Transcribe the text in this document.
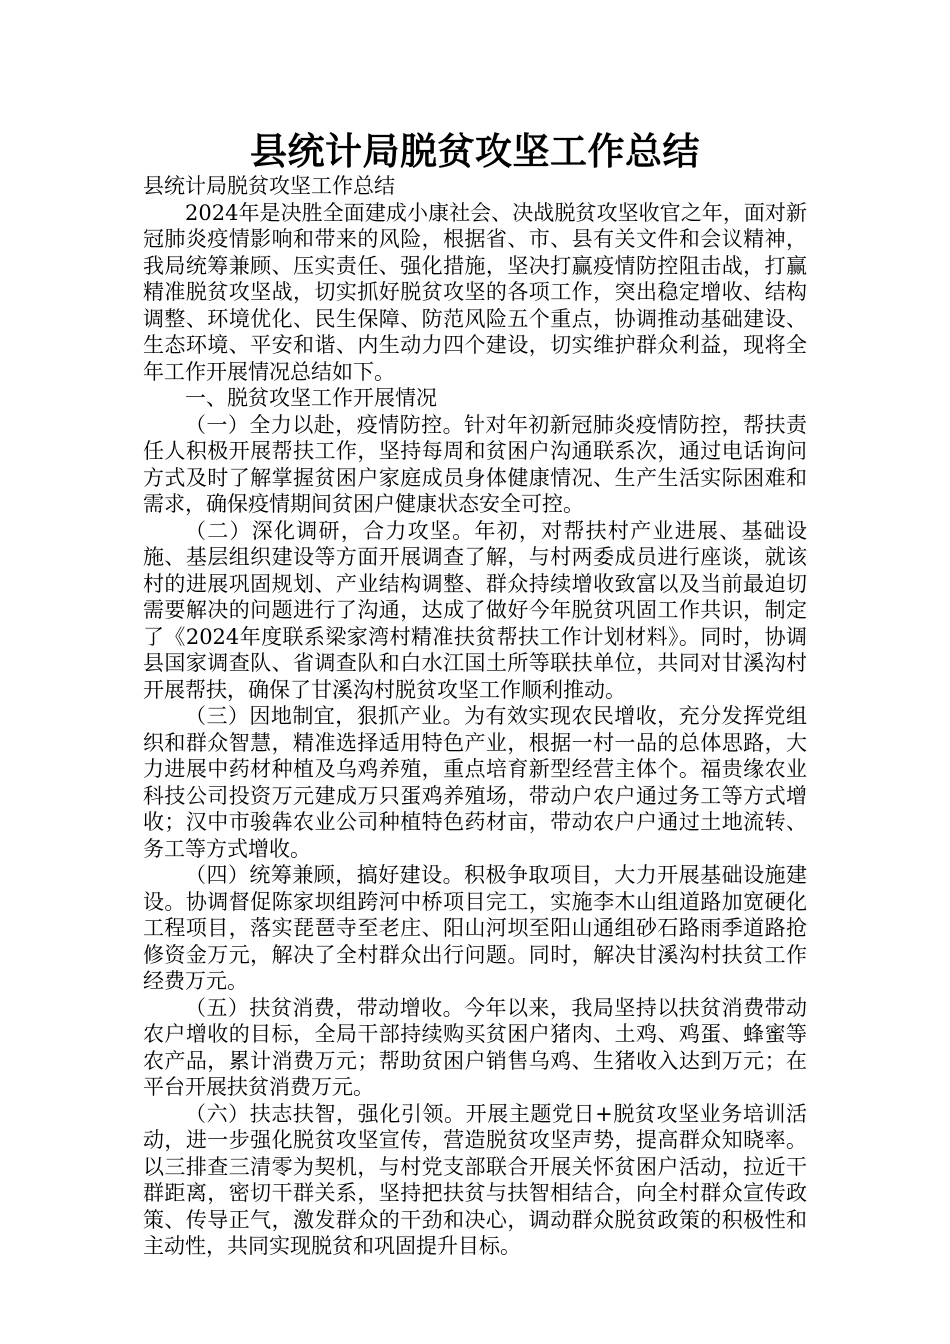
县统计局脱贫攻坚工作总结

县统计局脱贫攻坚工作总结

2024年是决胜全面建成小康社会、决战脱贫攻坚收官之年，面对新冠肺炎疫情影响和带来的风险，根据省、市、县有关文件和会议精神，我局统筹兼顾、压实责任、强化措施，坚决打赢疫情防控阻击战，打赢精准脱贫攻坚战，切实抓好脱贫攻坚的各项工作，突出稳定增收、结构调整、环境优化、民生保障、防范风险五个重点，协调推动基础建设、生态环境、平安和谐、内生动力四个建设，切实维护群众利益，现将全年工作开展情况总结如下。

一、脱贫攻坚工作开展情况

（一）全力以赴，疫情防控。针对年初新冠肺炎疫情防控，帮扶责任人积极开展帮扶工作，坚持每周和贫困户沟通联系次，通过电话询问方式及时了解掌握贫困户家庭成员身体健康情况、生产生活实际困难和需求，确保疫情期间贫困户健康状态安全可控。

（二）深化调研，合力攻坚。年初，对帮扶村产业进展、基础设施、基层组织建设等方面开展调查了解，与村两委成员进行座谈，就该村的进展巩固规划、产业结构调整、群众持续增收致富以及当前最迫切需要解决的问题进行了沟通，达成了做好今年脱贫巩固工作共识，制定了《2024年度联系梁家湾村精准扶贫帮扶工作计划材料》。同时，协调县国家调查队、省调查队和白水江国土所等联扶单位，共同对甘溪沟村开展帮扶，确保了甘溪沟村脱贫攻坚工作顺利推动。

（三）因地制宜，狠抓产业。为有效实现农民增收，充分发挥党组织和群众智慧，精准选择适用特色产业，根据一村一品的总体思路，大力进展中药材种植及乌鸡养殖，重点培育新型经营主体个。福贵缘农业科技公司投资万元建成万只蛋鸡养殖场，带动户农户通过务工等方式增收；汉中市骏犇农业公司种植特色药材亩，带动农户户通过土地流转、务工等方式增收。

（四）统筹兼顾，搞好建设。积极争取项目，大力开展基础设施建设。协调督促陈家坝组跨河中桥项目完工，实施李木山组道路加宽硬化工程项目，落实琵琶寺至老庄、阳山河坝至阳山通组砂石路雨季道路抢修资金万元，解决了全村群众出行问题。同时，解决甘溪沟村扶贫工作经费万元。

（五）扶贫消费，带动增收。今年以来，我局坚持以扶贫消费带动农户增收的目标，全局干部持续购买贫困户猪肉、土鸡、鸡蛋、蜂蜜等农产品，累计消费万元；帮助贫困户销售乌鸡、生猪收入达到万元；在平台开展扶贫消费万元。

（六）扶志扶智，强化引领。开展主题党日+脱贫攻坚业务培训活动，进一步强化脱贫攻坚宣传，营造脱贫攻坚声势，提高群众知晓率。以三排查三清零为契机，与村党支部联合开展关怀贫困户活动，拉近干群距离，密切干群关系，坚持把扶贫与扶智相结合，向全村群众宣传政策、传导正气，激发群众的干劲和决心，调动群众脱贫政策的积极性和主动性，共同实现脱贫和巩固提升目标。
